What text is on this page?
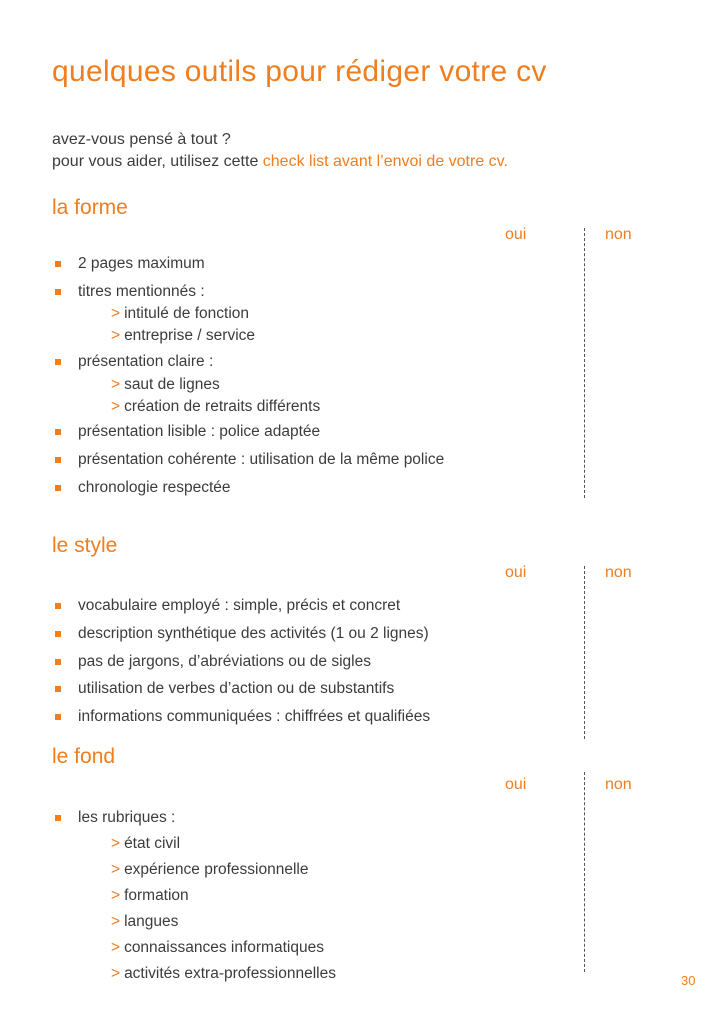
quelques outils pour rédiger votre cv
avez-vous pensé à tout ?
pour vous aider, utilisez cette check list avant l’envoi de votre cv.
la forme
oui	non
2 pages maximum
titres mentionnés :
> intitulé de fonction
> entreprise / service
présentation claire :
> saut de lignes
> création de retraits différents
présentation lisible : police adaptée
présentation cohérente : utilisation de la même police
chronologie respectée
le style
oui	non
vocabulaire employé : simple, précis et concret
description synthétique des activités (1 ou 2 lignes)
pas de jargons, d’abréviations ou de sigles
utilisation de verbes d’action ou de substantifs
informations communiquées : chiffrées et qualifiées
le fond
oui	non
les rubriques :
> état civil
> expérience professionnelle
> formation
> langues
> connaissances informatiques
> activités extra-professionnelles	30
